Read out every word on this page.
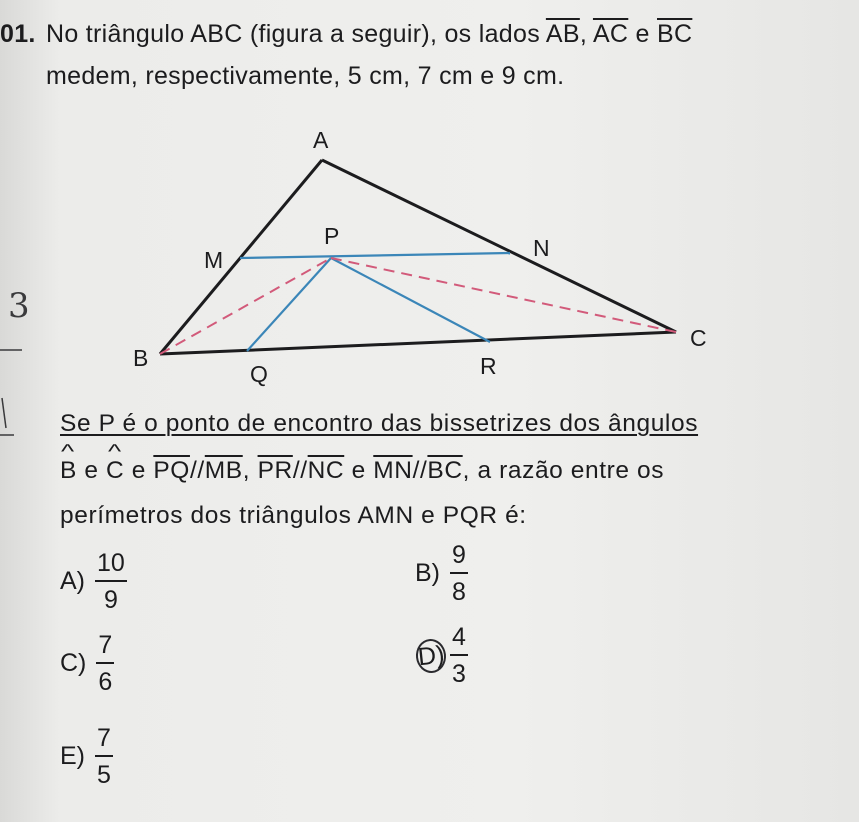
3
01. No triângulo ABC (figura a seguir), os lados $\overline{AB}$, $\overline{AC}$ e $\overline{BC}$
medem, respectivamente, 5 cm, 7 cm e 9 cm.
A
B
C
M	N
P
Q	R
Se P é o ponto de encontro das bissetrizes dos ângulos
^ B e ^ C e $\overline{PQ}//\overline{MB}$, $\overline{PR}//\overline{NC}$ e $\overline{MN}//\overline{BC}$, a razão entre os
perímetros dos triângulos AMN e PQR é:
$A) \frac{10}{9}$	$B) \frac{9}{8}$
$C) \frac{7}{6}$	$D) \frac{4}{3}$
$E) \frac{7}{5}$
